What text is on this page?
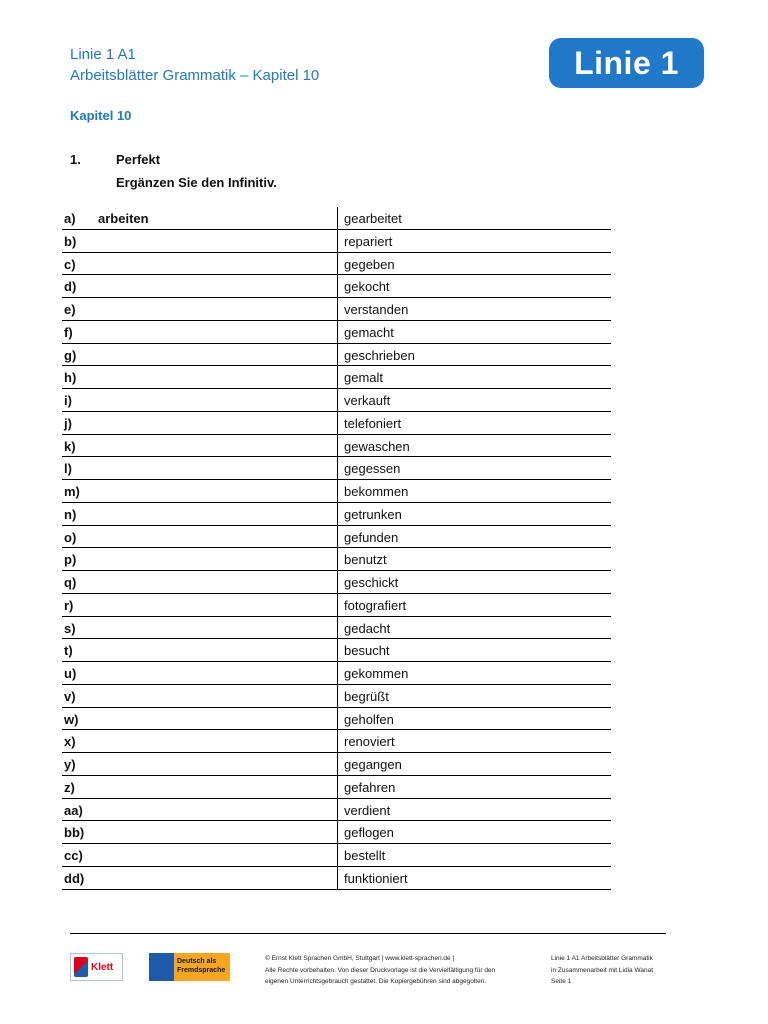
Linie 1 A1
Arbeitsblätter Grammatik – Kapitel 10	Linie 1
Kapitel 10
1.	Perfekt
Ergänzen Sie den Infinitiv.
a) arbeiten	gearbeitet
b)	repariert
c)	gegeben
d)	gekocht
e)	verstanden
f)	gemacht
g)	geschrieben
h)	gemalt
i)	verkauft
j)	telefoniert
k)	gewaschen
l)	gegessen
m)	bekommen
n)	getrunken
o)	gefunden
p)	benutzt
q)	geschickt
r)	fotografiert
s)	gedacht
t)	besucht
u)	gekommen
v)	begrüßt
w)	geholfen
x)	renoviert
y)	gegangen
z)	gefahren
aa)	verdient
bb)	geflogen
cc)	bestellt
dd)	funktioniert
Klett	Deutsch als Fremdsprache
© Ernst Klett Sprachen GmbH, Stuttgart | www.klett-sprachen.de |
Alle Rechte vorbehalten. Von dieser Druckvorlage ist die Vervielfältigung für den
eigenen Unterrichtsgebrauch gestattet. Die Kopiergebühren sind abgegolten.
Linie 1 A1 Arbeitsblätter Grammatik
in Zusammenarbeit mit Lidia Wanat
Seite 1
